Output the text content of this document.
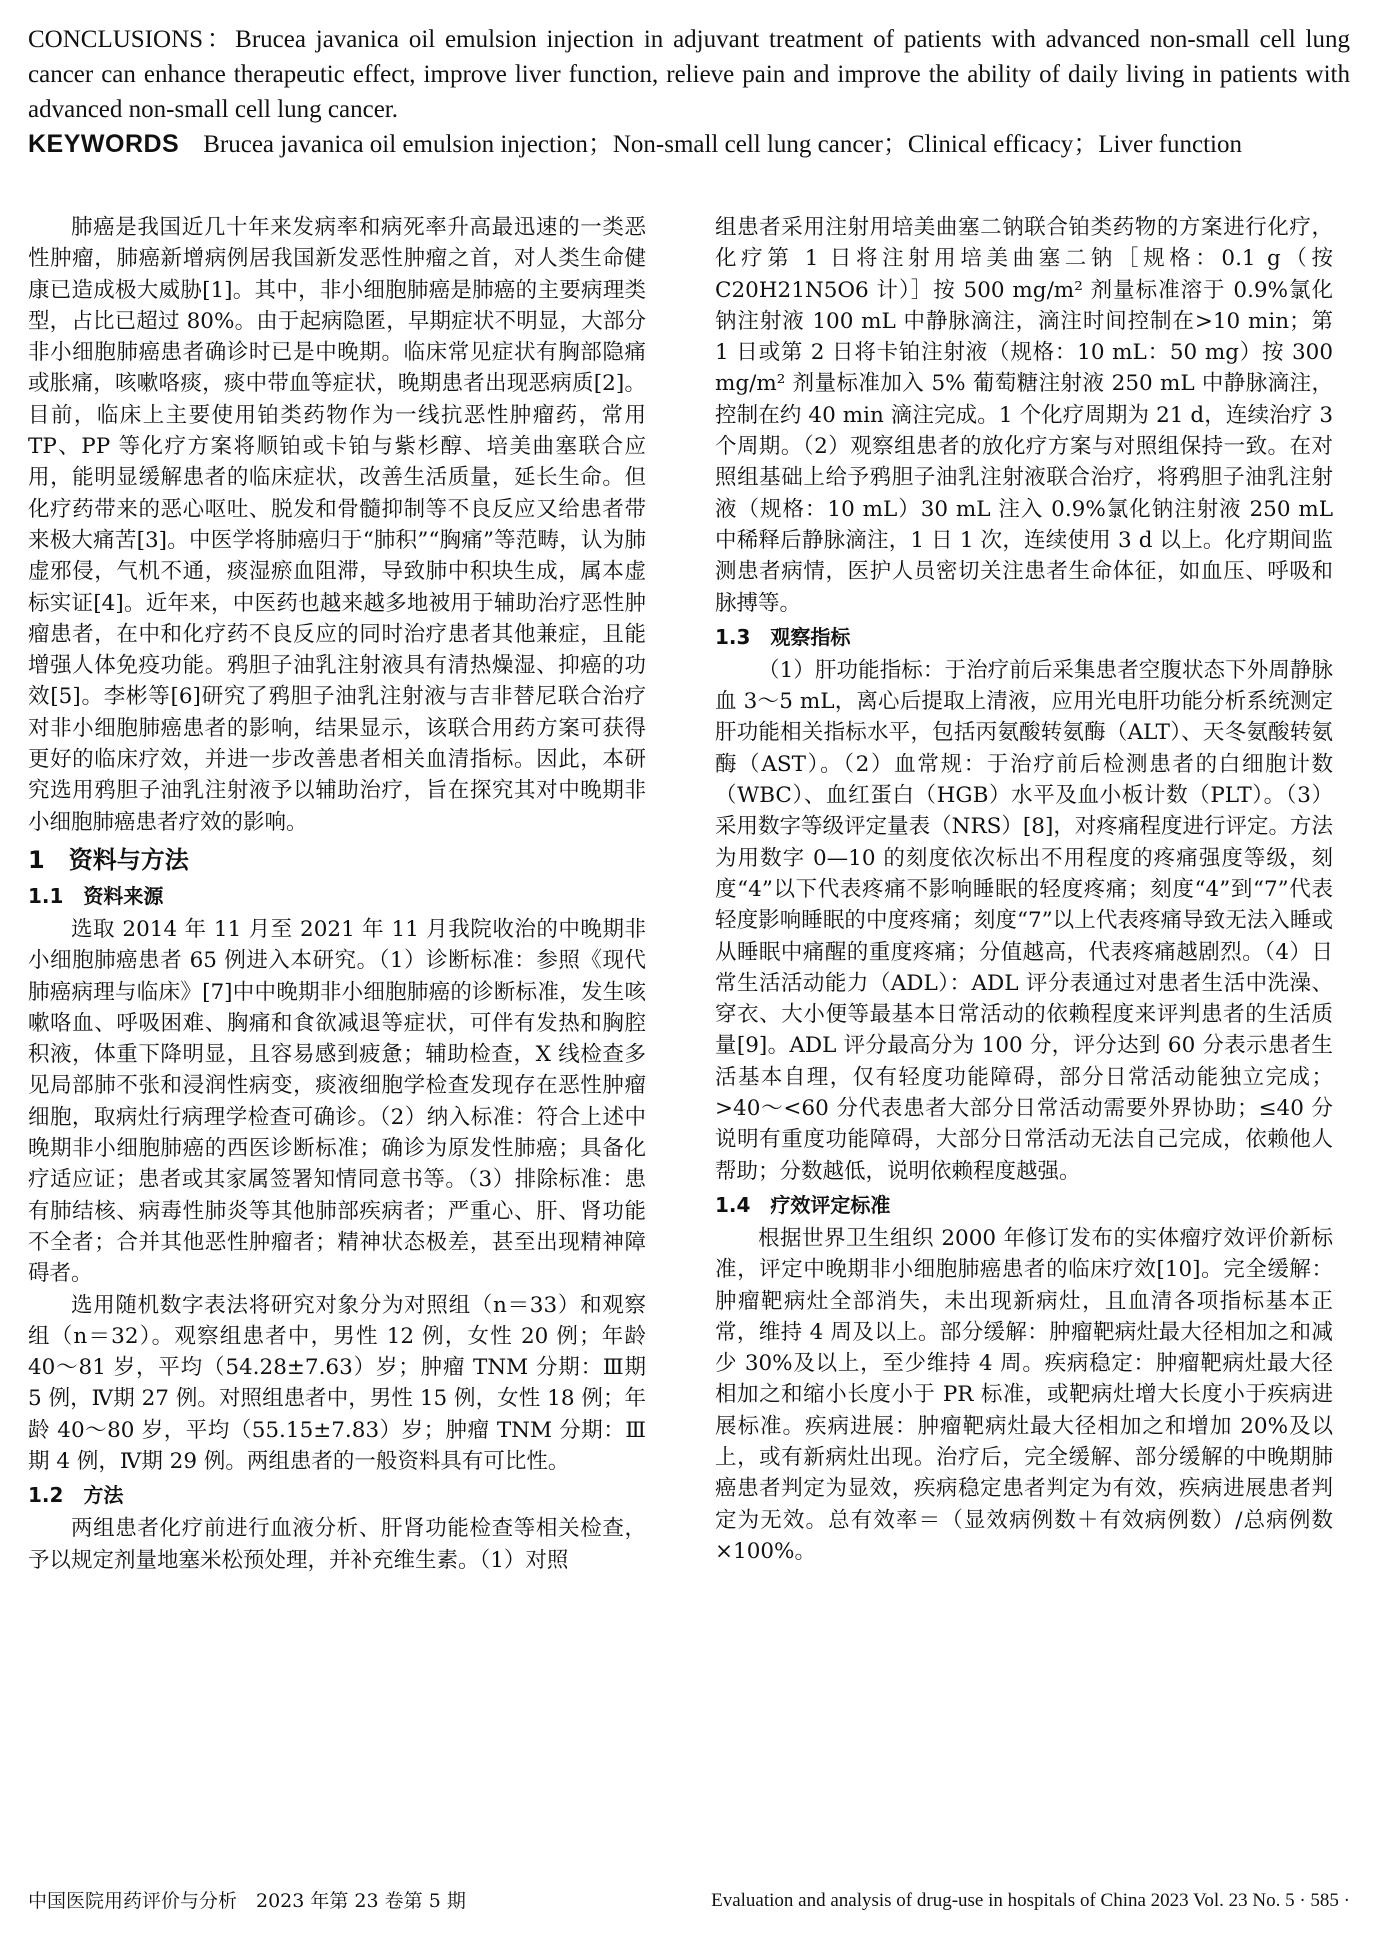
CONCLUSIONS：Brucea javanica oil emulsion injection in adjuvant treatment of patients with advanced non-small cell lung cancer can enhance therapeutic effect, improve liver function, relieve pain and improve the ability of daily living in patients with advanced non-small cell lung cancer.

KEYWORDS Brucea javanica oil emulsion injection；Non-small cell lung cancer；Clinical efficacy；Liver function

肺癌是我国近几十年来发病率和病死率升高最迅速的一类恶性肿瘤，肺癌新增病例居我国新发恶性肿瘤之首，对人类生命健康已造成极大威胁[1]。其中，非小细胞肺癌是肺癌的主要病理类型，占比已超过 80%。由于起病隐匿，早期症状不明显，大部分非小细胞肺癌患者确诊时已是中晚期。临床常见症状有胸部隐痛或胀痛，咳嗽咯痰，痰中带血等症状，晚期患者出现恶病质[2]。目前，临床上主要使用铂类药物作为一线抗恶性肿瘤药，常用 TP、PP 等化疗方案将顺铂或卡铂与紫杉醇、培美曲塞联合应用，能明显缓解患者的临床症状，改善生活质量，延长生命。但化疗药带来的恶心呕吐、脱发和骨髓抑制等不良反应又给患者带来极大痛苦[3]。中医学将肺癌归于“肺积”“胸痛”等范畴，认为肺虚邪侵，气机不通，痰湿瘀血阻滞，导致肺中积块生成，属本虚标实证[4]。近年来，中医药也越来越多地被用于辅助治疗恶性肿瘤患者，在中和化疗药不良反应的同时治疗患者其他兼症，且能增强人体免疫功能。鸦胆子油乳注射液具有清热燥湿、抑癌的功效[5]。李彬等[6]研究了鸦胆子油乳注射液与吉非替尼联合治疗对非小细胞肺癌患者的影响，结果显示，该联合用药方案可获得更好的临床疗效，并进一步改善患者相关血清指标。因此，本研究选用鸦胆子油乳注射液予以辅助治疗，旨在探究其对中晚期非小细胞肺癌患者疗效的影响。

1　资料与方法
1.1　资料来源

选取 2014 年 11 月至 2021 年 11 月我院收治的中晚期非小细胞肺癌患者 65 例进入本研究。（1）诊断标准：参照《现代肺癌病理与临床》[7]中中晚期非小细胞肺癌的诊断标准，发生咳嗽咯血、呼吸困难、胸痛和食欲减退等症状，可伴有发热和胸腔积液，体重下降明显，且容易感到疲惫；辅助检查，X 线检查多见局部肺不张和浸润性病变，痰液细胞学检查发现存在恶性肿瘤细胞，取病灶行病理学检查可确诊。（2）纳入标准：符合上述中晚期非小细胞肺癌的西医诊断标准；确诊为原发性肺癌；具备化疗适应证；患者或其家属签署知情同意书等。（3）排除标准：患有肺结核、病毒性肺炎等其他肺部疾病者；严重心、肝、肾功能不全者；合并其他恶性肿瘤者；精神状态极差，甚至出现精神障碍者。

选用随机数字表法将研究对象分为对照组（n＝33）和观察组（n＝32）。观察组患者中，男性 12 例，女性 20 例；年龄 40～81 岁，平均（54.28±7.63）岁；肿瘤 TNM 分期：Ⅲ期 5 例，Ⅳ期 27 例。对照组患者中，男性 15 例，女性 18 例；年龄 40～80 岁，平均（55.15±7.83）岁；肿瘤 TNM 分期：Ⅲ期 4 例，Ⅳ期 29 例。两组患者的一般资料具有可比性。

1.2　方法

两组患者化疗前进行血液分析、肝肾功能检查等相关检查，予以规定剂量地塞米松预处理，并补充维生素。（1）对照

组患者采用注射用培美曲塞二钠联合铂类药物的方案进行化疗，化疗第 1 日将注射用培美曲塞二钠［规格：0.1 g（按 C20H21N5O6 计）］按 500 mg/m² 剂量标准溶于 0.9%氯化钠注射液 100 mL 中静脉滴注，滴注时间控制在>10 min；第 1 日或第 2 日将卡铂注射液（规格：10 mL：50 mg）按 300 mg/m² 剂量标准加入 5% 葡萄糖注射液 250 mL 中静脉滴注，控制在约 40 min 滴注完成。1 个化疗周期为 21 d，连续治疗 3 个周期。（2）观察组患者的放化疗方案与对照组保持一致。在对照组基础上给予鸦胆子油乳注射液联合治疗，将鸦胆子油乳注射液（规格：10 mL）30 mL 注入 0.9%氯化钠注射液 250 mL 中稀释后静脉滴注，1 日 1 次，连续使用 3 d 以上。化疗期间监测患者病情，医护人员密切关注患者生命体征，如血压、呼吸和脉搏等。

1.3　观察指标

（1）肝功能指标：于治疗前后采集患者空腹状态下外周静脉血 3～5 mL，离心后提取上清液，应用光电肝功能分析系统测定肝功能相关指标水平，包括丙氨酸转氨酶（ALT）、天冬氨酸转氨酶（AST）。（2）血常规：于治疗前后检测患者的白细胞计数（WBC）、血红蛋白（HGB）水平及血小板计数（PLT）。（3）采用数字等级评定量表（NRS）[8]，对疼痛程度进行评定。方法为用数字 0—10 的刻度依次标出不用程度的疼痛强度等级，刻度“4”以下代表疼痛不影响睡眠的轻度疼痛；刻度“4”到“7”代表轻度影响睡眠的中度疼痛；刻度“7”以上代表疼痛导致无法入睡或从睡眠中痛醒的重度疼痛；分值越高，代表疼痛越剧烈。（4）日常生活活动能力（ADL）：ADL 评分表通过对患者生活中洗澡、穿衣、大小便等最基本日常活动的依赖程度来评判患者的生活质量[9]。ADL 评分最高分为 100 分，评分达到 60 分表示患者生活基本自理，仅有轻度功能障碍，部分日常活动能独立完成；>40～<60 分代表患者大部分日常活动需要外界协助；≤40 分说明有重度功能障碍，大部分日常活动无法自己完成，依赖他人帮助；分数越低，说明依赖程度越强。

1.4　疗效评定标准

根据世界卫生组织 2000 年修订发布的实体瘤疗效评价新标准，评定中晚期非小细胞肺癌患者的临床疗效[10]。完全缓解：肿瘤靶病灶全部消失，未出现新病灶，且血清各项指标基本正常，维持 4 周及以上。部分缓解：肿瘤靶病灶最大径相加之和减少 30%及以上，至少维持 4 周。疾病稳定：肿瘤靶病灶最大径相加之和缩小长度小于 PR 标准，或靶病灶增大长度小于疾病进展标准。疾病进展：肿瘤靶病灶最大径相加之和增加 20%及以上，或有新病灶出现。治疗后，完全缓解、部分缓解的中晚期肺癌患者判定为显效，疾病稳定患者判定为有效，疾病进展患者判定为无效。总有效率＝（显效病例数＋有效病例数）/总病例数×100%。

中国医院用药评价与分析　2023 年第 23 卷第 5 期	Evaluation and analysis of drug-use in hospitals of China 2023 Vol. 23 No. 5 · 585 ·
